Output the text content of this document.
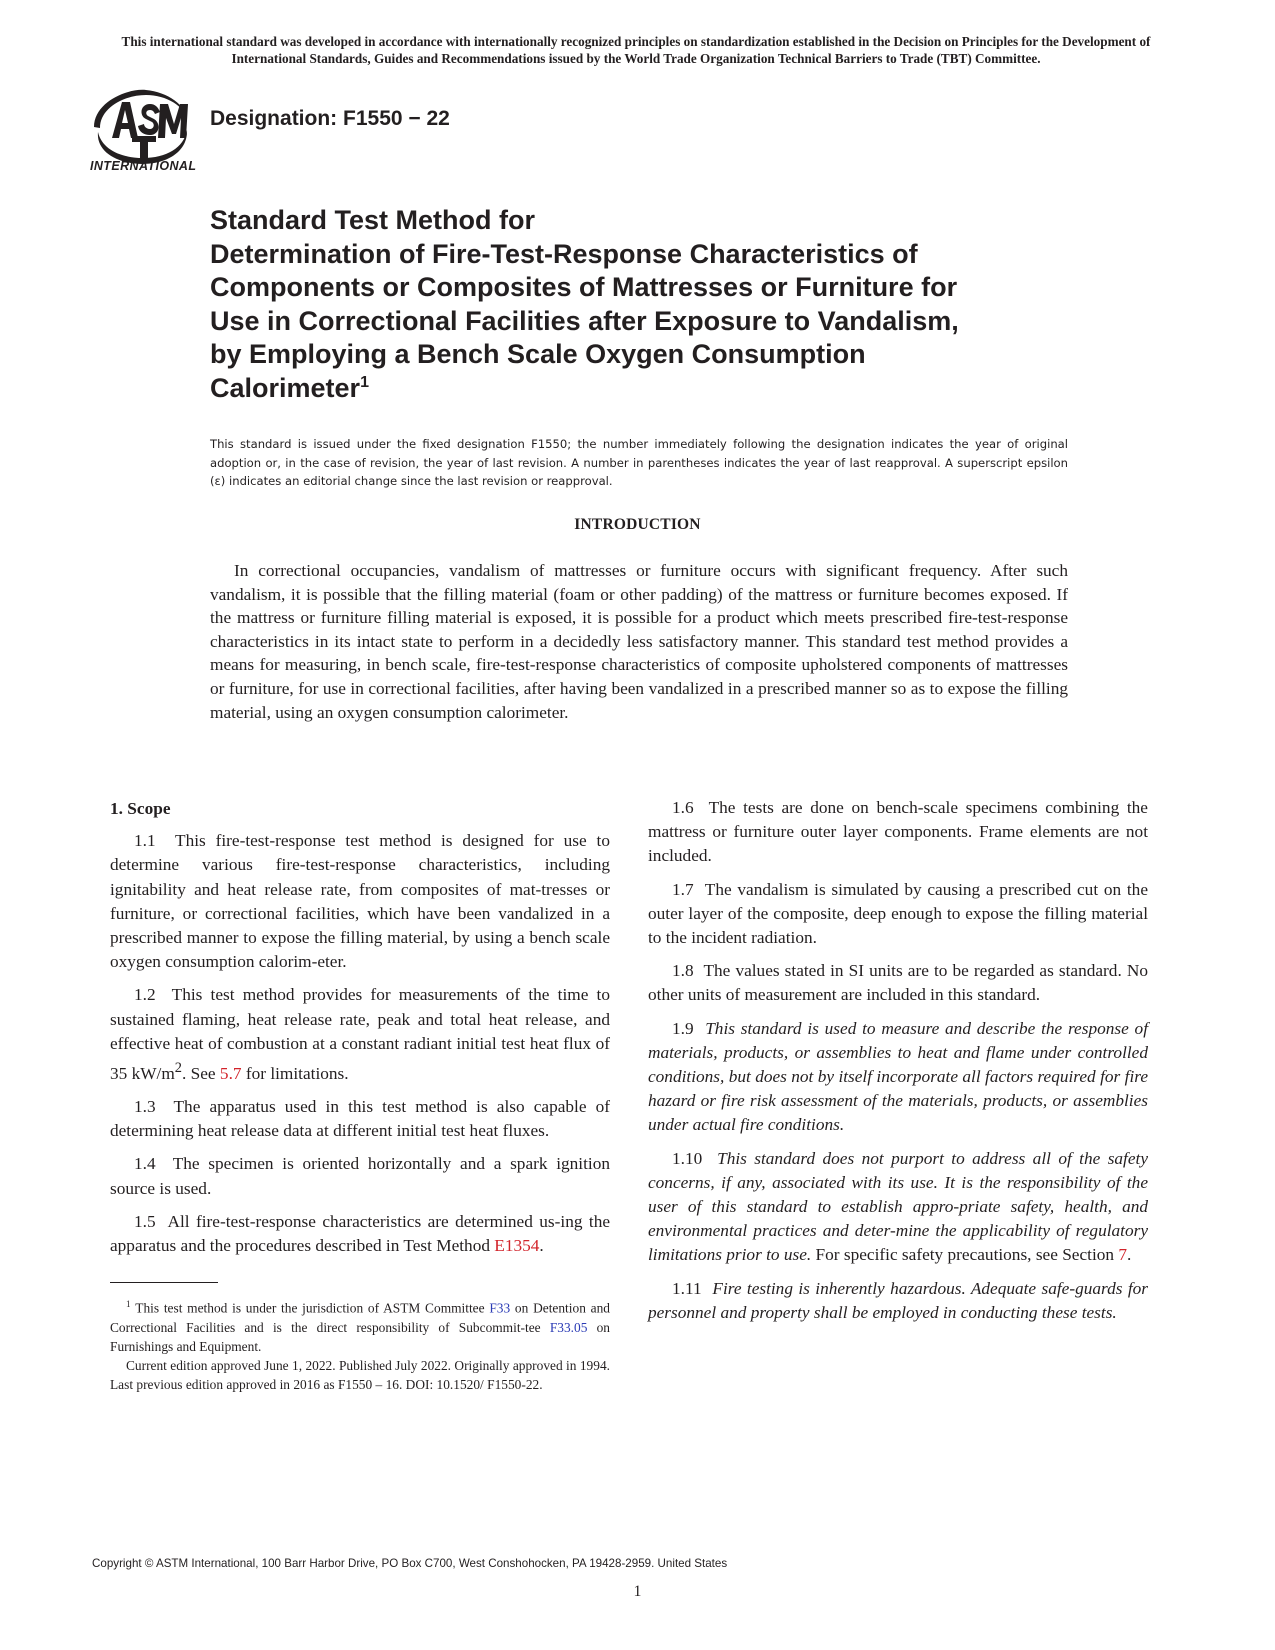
This international standard was developed in accordance with internationally recognized principles on standardization established in the Decision on Principles for the Development of International Standards, Guides and Recommendations issued by the World Trade Organization Technical Barriers to Trade (TBT) Committee.
INTERNATIONAL
Designation: F1550 − 22
Standard Test Method for
Determination of Fire-Test-Response Characteristics of
Components or Composites of Mattresses or Furniture for
Use in Correctional Facilities after Exposure to Vandalism,
by Employing a Bench Scale Oxygen Consumption
Calorimeter$^1$
This standard is issued under the fixed designation F1550; the number immediately following the designation indicates the year of original adoption or, in the case of revision, the year of last revision. A number in parentheses indicates the year of last reapproval. A superscript epsilon (ε) indicates an editorial change since the last revision or reapproval.
INTRODUCTION
In correctional occupancies, vandalism of mattresses or furniture occurs with significant frequency. After such vandalism, it is possible that the filling material (foam or other padding) of the mattress or furniture becomes exposed. If the mattress or furniture filling material is exposed, it is possible for a product which meets prescribed fire-test-response characteristics in its intact state to perform in a decidedly less satisfactory manner. This standard test method provides a means for measuring, in bench scale, fire-test-response characteristics of composite upholstered components of mattresses or furniture, for use in correctional facilities, after having been vandalized in a prescribed manner so as to expose the filling material, using an oxygen consumption calorimeter.
1. Scope

1.1 This fire-test-response test method is designed for use to determine various fire-test-response characteristics, including ignitability and heat release rate, from composites of mat-tresses or furniture, or correctional facilities, which have been vandalized in a prescribed manner to expose the filling material, by using a bench scale oxygen consumption calorim-eter.

1.2 This test method provides for measurements of the time to sustained flaming, heat release rate, peak and total heat release, and effective heat of combustion at a constant radiant initial test heat flux of 35 $kW/m^2$. See 5.7 for limitations.

1.3 The apparatus used in this test method is also capable of determining heat release data at different initial test heat fluxes.

1.4 The specimen is oriented horizontally and a spark ignition source is used.

1.5 All fire-test-response characteristics are determined us-ing the apparatus and the procedures described in Test Method E1354.

$^1$ This test method is under the jurisdiction of ASTM Committee F33 on Detention and Correctional Facilities and is the direct responsibility of Subcommit-tee F33.05 on Furnishings and Equipment.

Current edition approved June 1, 2022. Published July 2022. Originally approved in 1994. Last previous edition approved in 2016 as F1550 – 16. DOI: 10.1520/ F1550-22.

1.6 The tests are done on bench-scale specimens combining the mattress or furniture outer layer components. Frame elements are not included.

1.7 The vandalism is simulated by causing a prescribed cut on the outer layer of the composite, deep enough to expose the filling material to the incident radiation.

1.8 The values stated in SI units are to be regarded as standard. No other units of measurement are included in this standard.

1.9 This standard is used to measure and describe the response of materials, products, or assemblies to heat and flame under controlled conditions, but does not by itself incorporate all factors required for fire hazard or fire risk assessment of the materials, products, or assemblies under actual fire conditions.

1.10 This standard does not purport to address all of the safety concerns, if any, associated with its use. It is the responsibility of the user of this standard to establish appro-priate safety, health, and environmental practices and deter-mine the applicability of regulatory limitations prior to use. For specific safety precautions, see Section 7.

1.11 Fire testing is inherently hazardous. Adequate safe-guards for personnel and property shall be employed in conducting these tests.

Copyright © ASTM International, 100 Barr Harbor Drive, PO Box C700, West Conshohocken, PA 19428-2959. United States
1
